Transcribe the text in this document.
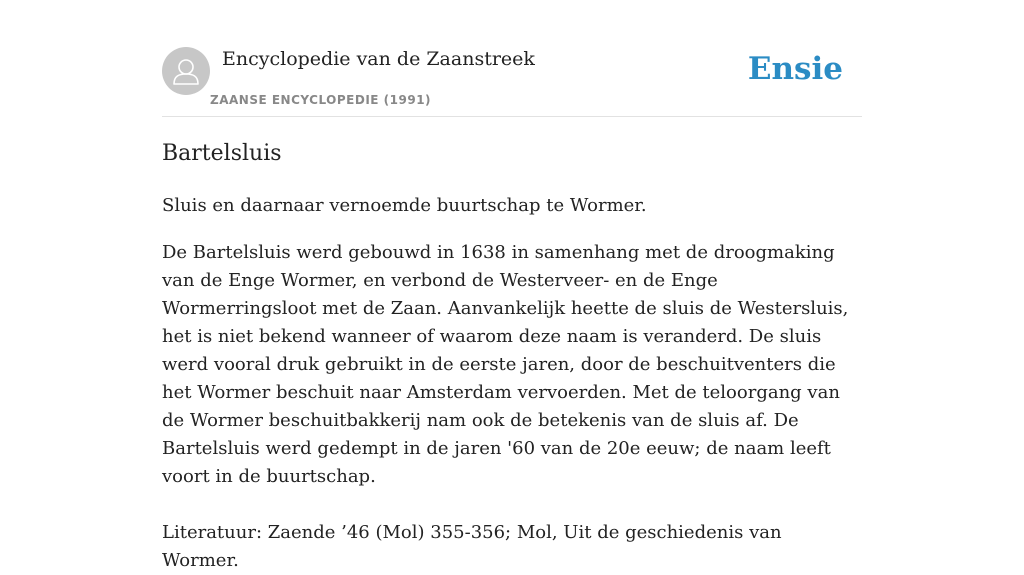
Encyclopedie van de Zaanstreek
ZAANSE ENCYCLOPEDIE (1991)
Ensie
Bartelsluis

Sluis en daarnaar vernoemde buurtschap te Wormer.

De Bartelsluis werd gebouwd in 1638 in samenhang met de droogmaking van de Enge Wormer, en verbond de Westerveer- en de Enge Wormerringsloot met de Zaan. Aanvankelijk heette de sluis de Westersluis, het is niet bekend wanneer of waarom deze naam is veranderd. De sluis werd vooral druk gebruikt in de eerste jaren, door de beschuitventers die het Wormer beschuit naar Amsterdam vervoerden. Met de teloorgang van de Wormer beschuitbakkerij nam ook de betekenis van de sluis af. De Bartelsluis werd gedempt in de jaren '60 van de 20e eeuw; de naam leeft voort in de buurtschap.

Literatuur: Zaende ’46 (Mol) 355-356; Mol, Uit de geschiedenis van Wormer.
